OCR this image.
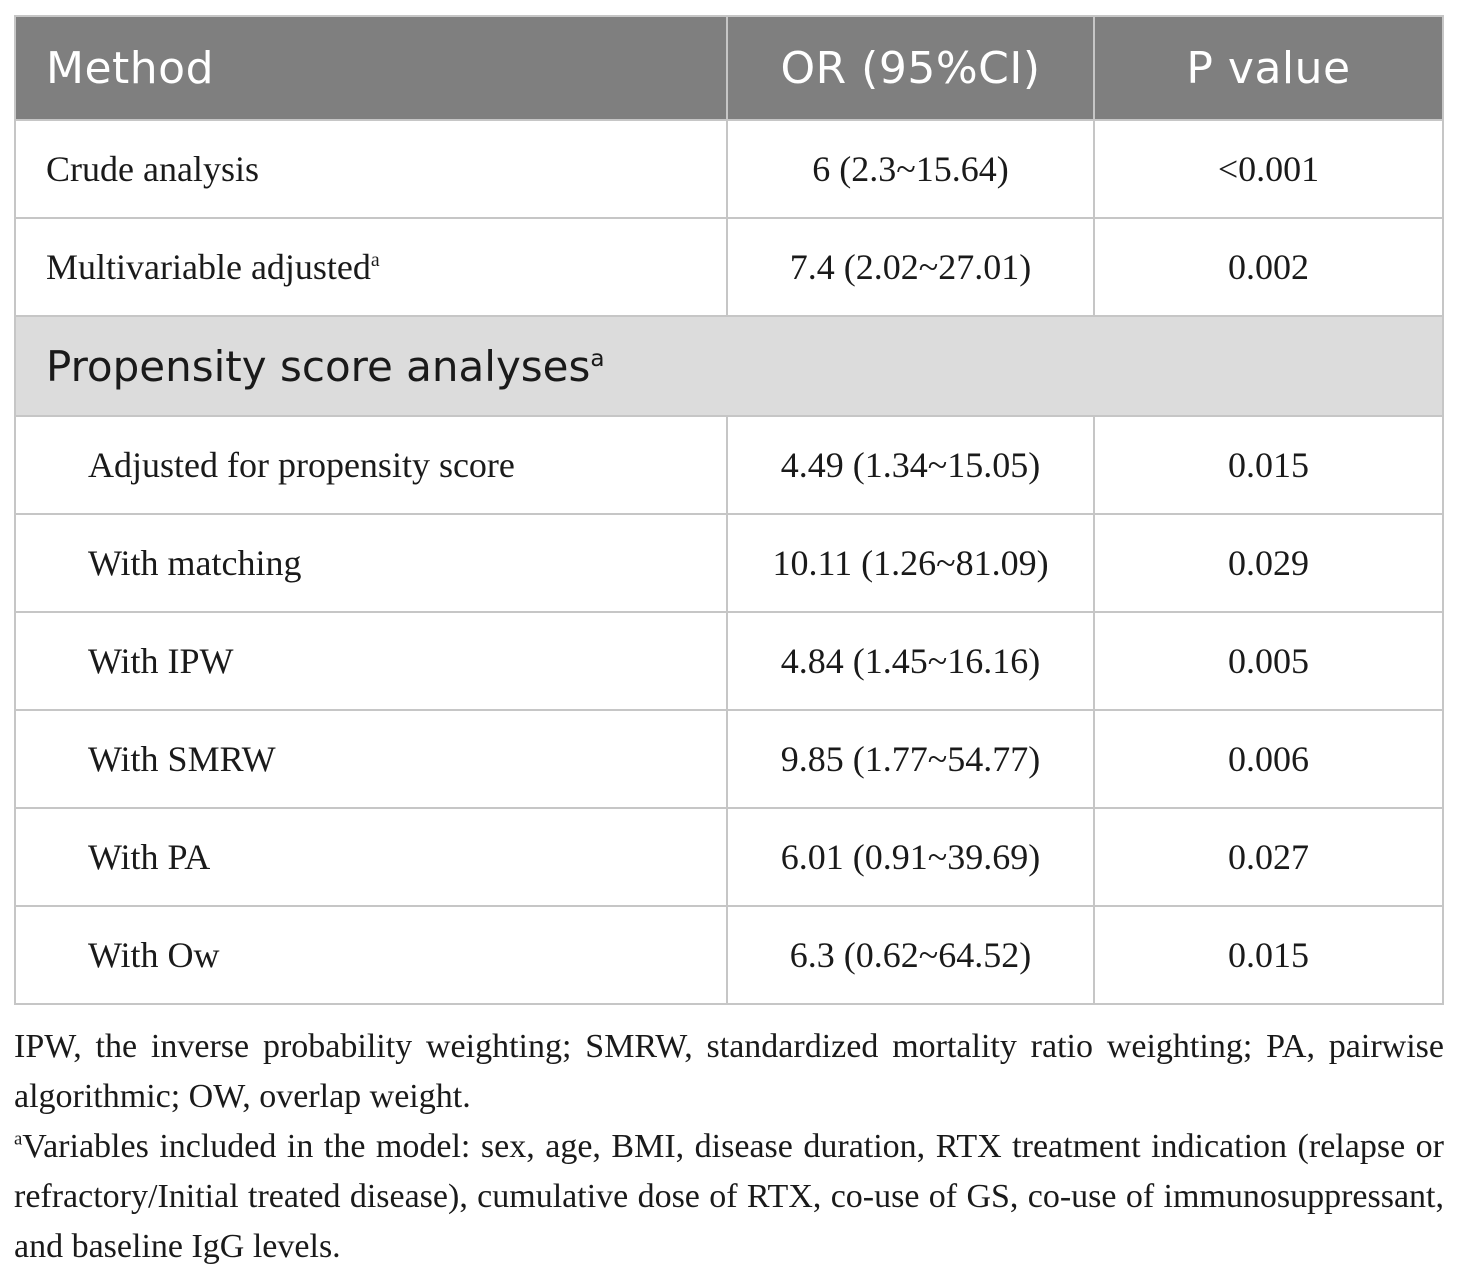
Method	OR (95%CI)	P value
Crude analysis	6 (2.3~15.64)	<0.001
Multivariable adjusted$^a$	7.4 (2.02~27.01)	0.002
Propensity score analyses$^a$
Adjusted for propensity score	4.49 (1.34~15.05)	0.015
With matching	10.11 (1.26~81.09)	0.029
With IPW	4.84 (1.45~16.16)	0.005
With SMRW	9.85 (1.77~54.77)	0.006
With PA	6.01 (0.91~39.69)	0.027
With Ow	6.3 (0.62~64.52)	0.015

IPW, the inverse probability weighting; SMRW, standardized mortality ratio weighting; PA, pairwise algorithmic; OW, overlap weight.

$^a$Variables included in the model: sex, age, BMI, disease duration, RTX treatment indication (relapse or refractory/Initial treated disease), cumulative dose of RTX, co-use of GS, co-use of immunosuppressant, and baseline IgG levels.
